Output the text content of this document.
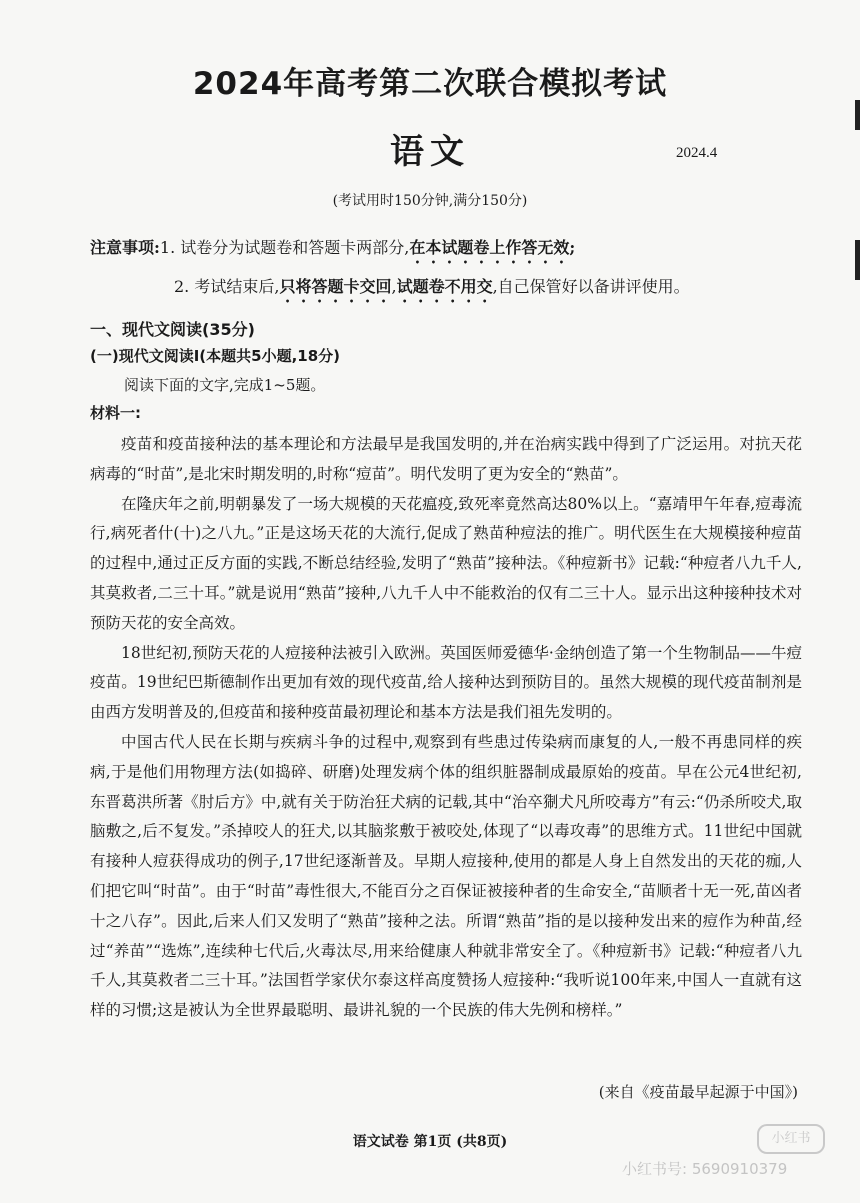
2024年高考第二次联合模拟考试
语文	2024.4
(考试用时150分钟,满分150分)
注意事项:1. 试卷分为试题卷和答题卡两部分,在本试题卷上作答无效;
2. 考试结束后,只将答题卡交回,试题卷不用交,自己保管好以备讲评使用。
一、现代文阅读(35分)
(一)现代文阅读Ⅰ(本题共5小题,18分)
阅读下面的文字,完成1~5题。
材料一:

疫苗和疫苗接种法的基本理论和方法最早是我国发明的,并在治病实践中得到了广泛运用。对抗天花病毒的“时苗”,是北宋时期发明的,时称“痘苗”。明代发明了更为安全的“熟苗”。

在隆庆年之前,明朝暴发了一场大规模的天花瘟疫,致死率竟然高达80%以上。“嘉靖甲午年春,痘毒流行,病死者什(十)之八九。”正是这场天花的大流行,促成了熟苗种痘法的推广。明代医生在大规模接种痘苗的过程中,通过正反方面的实践,不断总结经验,发明了“熟苗”接种法。《种痘新书》记载:“种痘者八九千人,其莫救者,二三十耳。”就是说用“熟苗”接种,八九千人中不能救治的仅有二三十人。显示出这种接种技术对预防天花的安全高效。

18世纪初,预防天花的人痘接种法被引入欧洲。英国医师爱德华·金纳创造了第一个生物制品——牛痘疫苗。19世纪巴斯德制作出更加有效的现代疫苗,给人接种达到预防目的。虽然大规模的现代疫苗制剂是由西方发明普及的,但疫苗和接种疫苗最初理论和基本方法是我们祖先发明的。

中国古代人民在长期与疾病斗争的过程中,观察到有些患过传染病而康复的人,一般不再患同样的疾病,于是他们用物理方法(如捣碎、研磨)处理发病个体的组织脏器制成最原始的疫苗。早在公元4世纪初,东晋葛洪所著《肘后方》中,就有关于防治狂犬病的记载,其中“治卒猘犬凡所咬毒方”有云:“仍杀所咬犬,取脑敷之,后不复发。”杀掉咬人的狂犬,以其脑浆敷于被咬处,体现了“以毒攻毒”的思维方式。11世纪中国就有接种人痘获得成功的例子,17世纪逐渐普及。早期人痘接种,使用的都是人身上自然发出的天花的痂,人们把它叫“时苗”。由于“时苗”毒性很大,不能百分之百保证被接种者的生命安全,“苗顺者十无一死,苗凶者十之八存”。因此,后来人们又发明了“熟苗”接种之法。所谓“熟苗”指的是以接种发出来的痘作为种苗,经过“养苗”“选炼”,连续种七代后,火毒汰尽,用来给健康人种就非常安全了。《种痘新书》记载:“种痘者八九千人,其莫救者二三十耳。”法国哲学家伏尔泰这样高度赞扬人痘接种:“我听说100年来,中国人一直就有这样的习惯;这是被认为全世界最聪明、最讲礼貌的一个民族的伟大先例和榜样。”

(来自《疫苗最早起源于中国》)
语文试卷 第1页 (共8页)	小红书
小红书号: 5690910379
